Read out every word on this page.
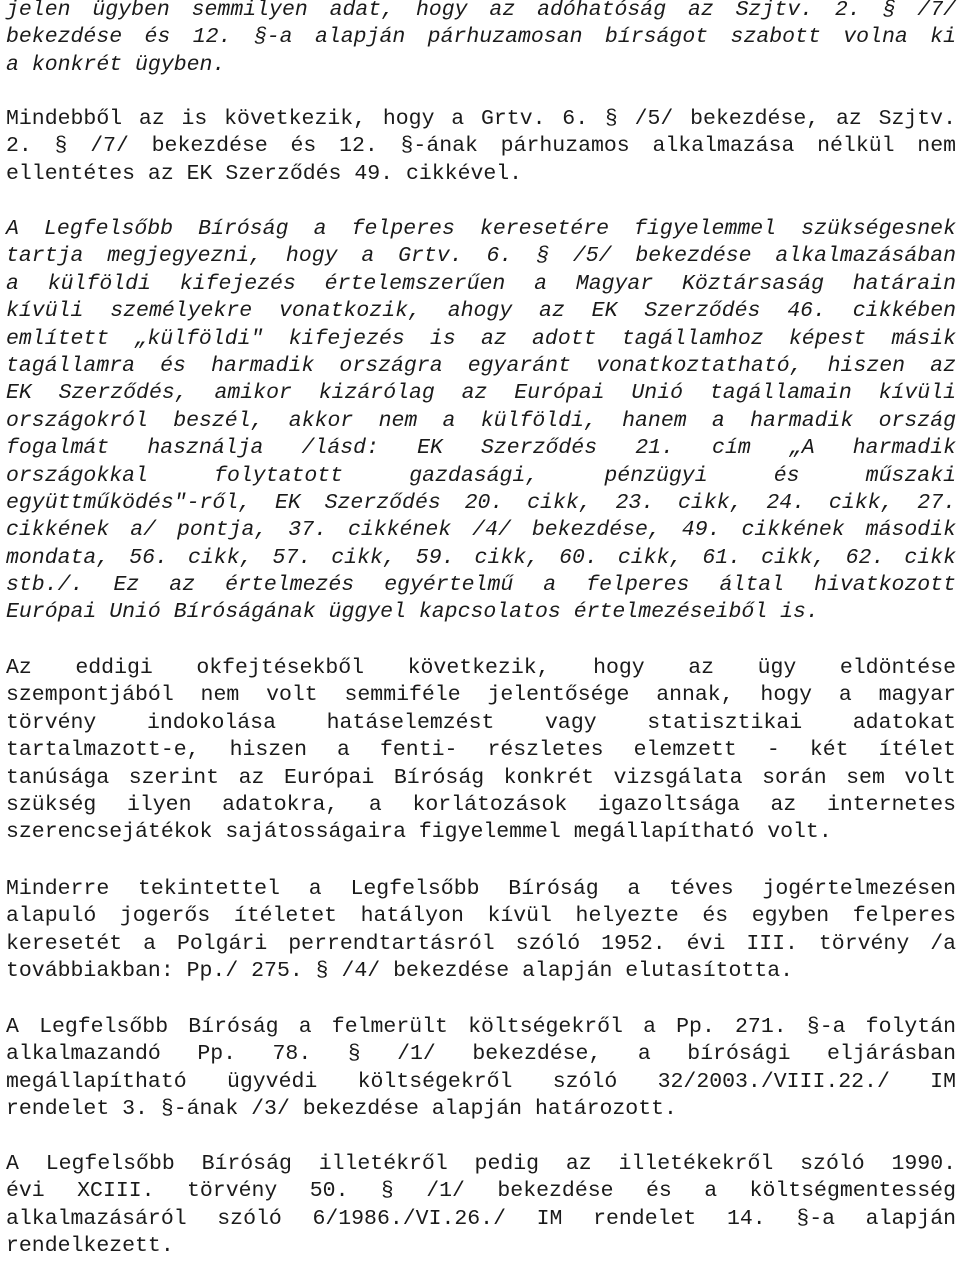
jelen ügyben semmilyen adat, hogy az adóhatóság az Szjtv. 2. § /7/
bekezdése és 12. §-a alapján párhuzamosan bírságot szabott volna ki
a konkrét ügyben.
Mindebből az is következik, hogy a Grtv. 6. § /5/ bekezdése, az Szjtv.
2. § /7/ bekezdése és 12. §-ának párhuzamos alkalmazása nélkül nem
ellentétes az EK Szerződés 49. cikkével.
A Legfelsőbb Bíróság a felperes keresetére figyelemmel szükségesnek
tartja megjegyezni, hogy a Grtv. 6. § /5/ bekezdése alkalmazásában
a külföldi kifejezés értelemszerűen a Magyar Köztársaság határain
kívüli személyekre vonatkozik, ahogy az EK Szerződés 46. cikkében
említett „külföldi" kifejezés is az adott tagállamhoz képest másik
tagállamra és harmadik országra egyaránt vonatkoztatható, hiszen az
EK Szerződés, amikor kizárólag az Európai Unió tagállamain kívüli
országokról beszél, akkor nem a külföldi, hanem a harmadik ország
fogalmát használja /lásd: EK Szerződés 21. cím „A harmadik
országokkal folytatott gazdasági, pénzügyi és műszaki
együttműködés"-ről, EK Szerződés 20. cikk, 23. cikk, 24. cikk, 27.
cikkének a/ pontja, 37. cikkének /4/ bekezdése, 49. cikkének második
mondata, 56. cikk, 57. cikk, 59. cikk, 60. cikk, 61. cikk, 62. cikk
stb./. Ez az értelmezés egyértelmű a felperes által hivatkozott
Európai Unió Bíróságának üggyel kapcsolatos értelmezéseiből is.
Az eddigi okfejtésekből következik, hogy az ügy eldöntése
szempontjából nem volt semmiféle jelentősége annak, hogy a magyar
törvény indokolása hatáselemzést vagy statisztikai adatokat
tartalmazott-e, hiszen a fenti- részletes elemzett - két ítélet
tanúsága szerint az Európai Bíróság konkrét vizsgálata során sem volt
szükség ilyen adatokra, a korlátozások igazoltsága az internetes
szerencsejátékok sajátosságaira figyelemmel megállapítható volt.
Minderre tekintettel a Legfelsőbb Bíróság a téves jogértelmezésen
alapuló jogerős ítéletet hatályon kívül helyezte és egyben felperes
keresetét a Polgári perrendtartásról szóló 1952. évi III. törvény /a
továbbiakban: Pp./ 275. § /4/ bekezdése alapján elutasította.
A Legfelsőbb Bíróság a felmerült költségekről a Pp. 271. §-a folytán
alkalmazandó Pp. 78. § /1/ bekezdése, a bírósági eljárásban
megállapítható ügyvédi költségekről szóló 32/2003./VIII.22./ IM
rendelet 3. §-ának /3/ bekezdése alapján határozott.
A Legfelsőbb Bíróság illetékről pedig az illetékekről szóló 1990.
évi XCIII. törvény 50. § /1/ bekezdése és a költségmentesség
alkalmazásáról szóló 6/1986./VI.26./ IM rendelet 14. §-a alapján
rendelkezett.
